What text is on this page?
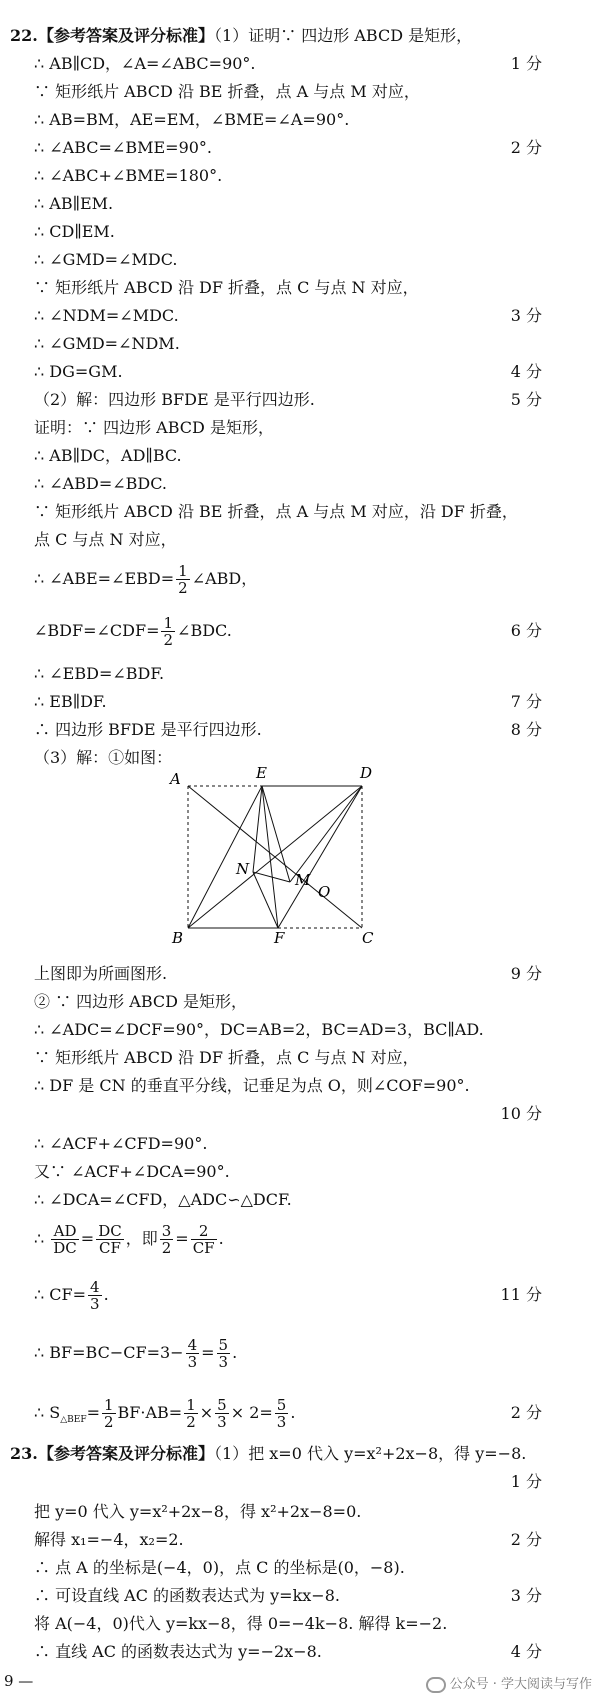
22. 【参考答案及评分标准】（1）证明∵ 四边形 ABCD 是矩形，
∴ AB∥CD，∠A=∠ABC=90°.	1 分
∵ 矩形纸片 ABCD 沿 BE 折叠，点 A 与点 M 对应，
∴ AB=BM，AE=EM，∠BME=∠A=90°.
∴ ∠ABC=∠BME=90°.	2 分
∴ ∠ABC+∠BME=180°.
∴ AB∥EM.
∴ CD∥EM.
∴ ∠GMD=∠MDC.
∵ 矩形纸片 ABCD 沿 DF 折叠，点 C 与点 N 对应，
∴ ∠NDM=∠MDC.	3 分
∴ ∠GMD=∠NDM.
∴ DG=GM.	4 分
（2）解：四边形 BFDE 是平行四边形.	5 分
证明：∵ 四边形 ABCD 是矩形，
∴ AB∥DC，AD∥BC.
∴ ∠ABD=∠BDC.
∵ 矩形纸片 ABCD 沿 BE 折叠，点 A 与点 M 对应，沿 DF 折叠，
点 C 与点 N 对应，
∴ ∠ABE=∠EBD= $\frac{1}{2}$ ∠ABD，
∠BDF=∠CDF= $\frac{1}{2}$ ∠BDC.	6 分
∴ ∠EBD=∠BDF.
∴ EB∥DF.	7 分
∴ 四边形 BFDE 是平行四边形.	8 分
（3）解：①如图：
A	E	D
N
M
O
B	F	C
上图即为所画图形.	9 分
② ∵ 四边形 ABCD 是矩形，
∴ ∠ADC=∠DCF=90°，DC=AB=2，BC=AD=3，BC∥AD.
∵ 矩形纸片 ABCD 沿 DF 折叠，点 C 与点 N 对应，
∴ DF 是 CN 的垂直平分线，记垂足为点 O，则∠COF=90°.
10 分
∴ ∠ACF+∠CFD=90°.
又∵ ∠ACF+∠DCA=90°.
∴ ∠DCA=∠CFD，△ADC∽△DCF.
∴ $\frac{AD}{DC} = \frac{DC}{CF}$ ，即 $\frac{3}{2} = \frac{2}{CF}$ .
∴ $CF= \frac{4}{3}$ .	11 分
∴ $BF=BC-CF=3- \frac{4}{3} = \frac{5}{3}$ .
∴ $S_{\triangle BEF}= \frac{1}{2} BF\cdot AB= \frac{1}{2} \times \frac{5}{3} \times 2= \frac{5}{3}$ .	2 分
23. 【参考答案及评分标准】（1）把 x=0 代入 y=x²+2x−8，得 y=−8.
1 分
把 y=0 代入 y=x²+2x−8，得 x²+2x−8=0.
解得 x₁=−4，x₂=2.	2 分
∴ 点 A 的坐标是(−4，0)，点 C 的坐标是(0，−8).
∴ 可设直线 AC 的函数表达式为 y=kx−8.	3 分
将 A(−4，0)代入 y=kx−8，得 0=−4k−8. 解得 k=−2.
∴ 直线 AC 的函数表达式为 y=−2x−8.	4 分
9 —	公众号 · 学大阅读与写作
